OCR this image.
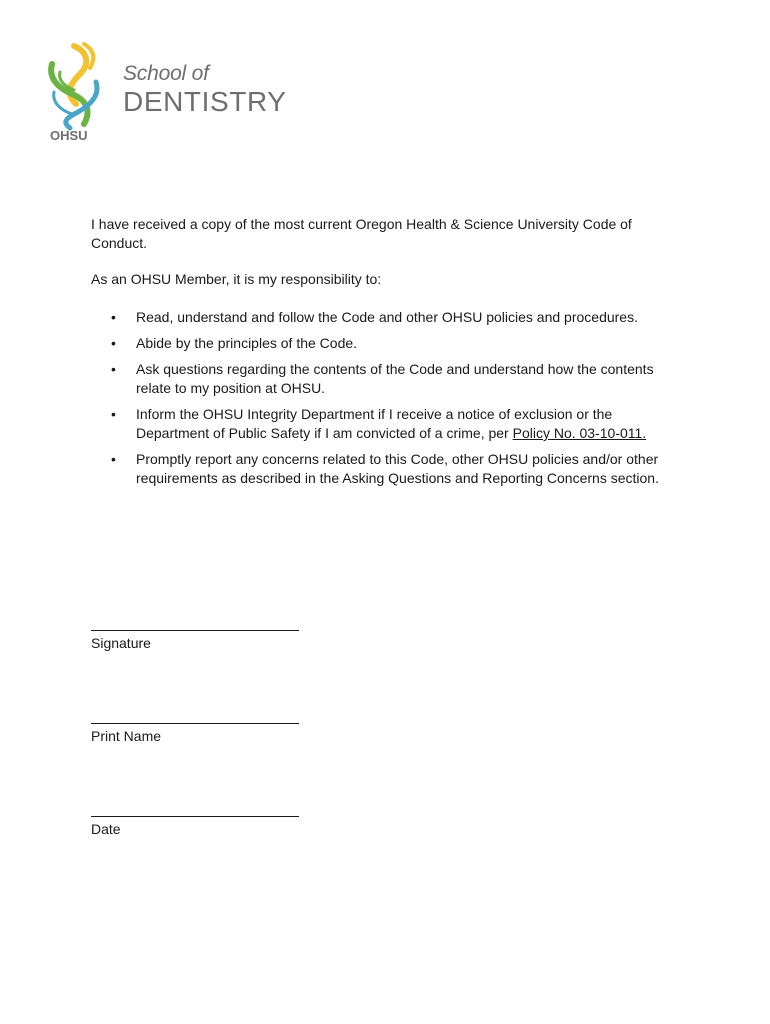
OHSU
School of
DENTISTRY

I have received a copy of the most current Oregon Health & Science University Code of Conduct.

As an OHSU Member, it is my responsibility to:

• Read, understand and follow the Code and other OHSU policies and procedures.
• Abide by the principles of the Code.
• Ask questions regarding the contents of the Code and understand how the contents relate to my position at OHSU.
• Inform the OHSU Integrity Department if I receive a notice of exclusion or the Department of Public Safety if I am convicted of a crime, per Policy No. 03-10-011.
• Promptly report any concerns related to this Code, other OHSU policies and/or other requirements as described in the Asking Questions and Reporting Concerns section.
Signature
Print Name
Date
